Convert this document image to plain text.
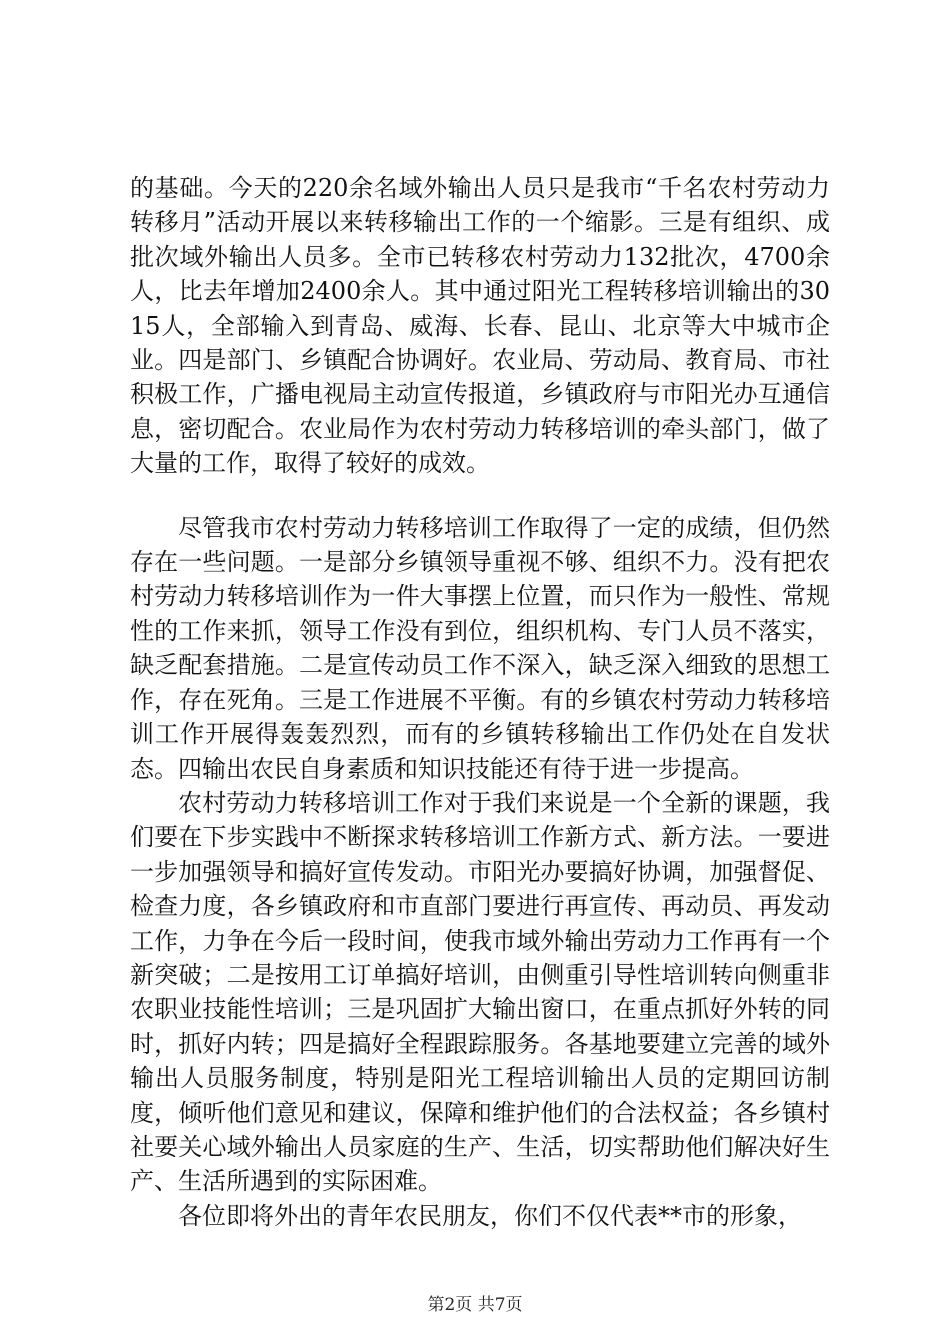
的基础。今天的220余名域外输出人员只是我市“千名农村劳动力转移月”活动开展以来转移输出工作的一个缩影。三是有组织、成批次域外输出人员多。全市已转移农村劳动力132批次，4700余人，比去年增加2400余人。其中通过阳光工程转移培训输出的3015人，全部输入到青岛、威海、长春、昆山、北京等大中城市企业。四是部门、乡镇配合协调好。农业局、劳动局、教育局、市社积极工作，广播电视局主动宣传报道，乡镇政府与市阳光办互通信息，密切配合。农业局作为农村劳动力转移培训的牵头部门，做了大量的工作，取得了较好的成效。

尽管我市农村劳动力转移培训工作取得了一定的成绩，但仍然存在一些问题。一是部分乡镇领导重视不够、组织不力。没有把农村劳动力转移培训作为一件大事摆上位置，而只作为一般性、常规性的工作来抓，领导工作没有到位，组织机构、专门人员不落实，缺乏配套措施。二是宣传动员工作不深入，缺乏深入细致的思想工作，存在死角。三是工作进展不平衡。有的乡镇农村劳动力转移培训工作开展得轰轰烈烈，而有的乡镇转移输出工作仍处在自发状态。四输出农民自身素质和知识技能还有待于进一步提高。

农村劳动力转移培训工作对于我们来说是一个全新的课题，我们要在下步实践中不断探求转移培训工作新方式、新方法。一要进一步加强领导和搞好宣传发动。市阳光办要搞好协调，加强督促、检查力度，各乡镇政府和市直部门要进行再宣传、再动员、再发动工作，力争在今后一段时间，使我市域外输出劳动力工作再有一个新突破；二是按用工订单搞好培训，由侧重引导性培训转向侧重非农职业技能性培训；三是巩固扩大输出窗口，在重点抓好外转的同时，抓好内转；四是搞好全程跟踪服务。各基地要建立完善的域外输出人员服务制度，特别是阳光工程培训输出人员的定期回访制度，倾听他们意见和建议，保障和维护他们的合法权益；各乡镇村社要关心域外输出人员家庭的生产、生活，切实帮助他们解决好生产、生活所遇到的实际困难。

各位即将外出的青年农民朋友，你们不仅代表**市的形象，

第2页 共7页
